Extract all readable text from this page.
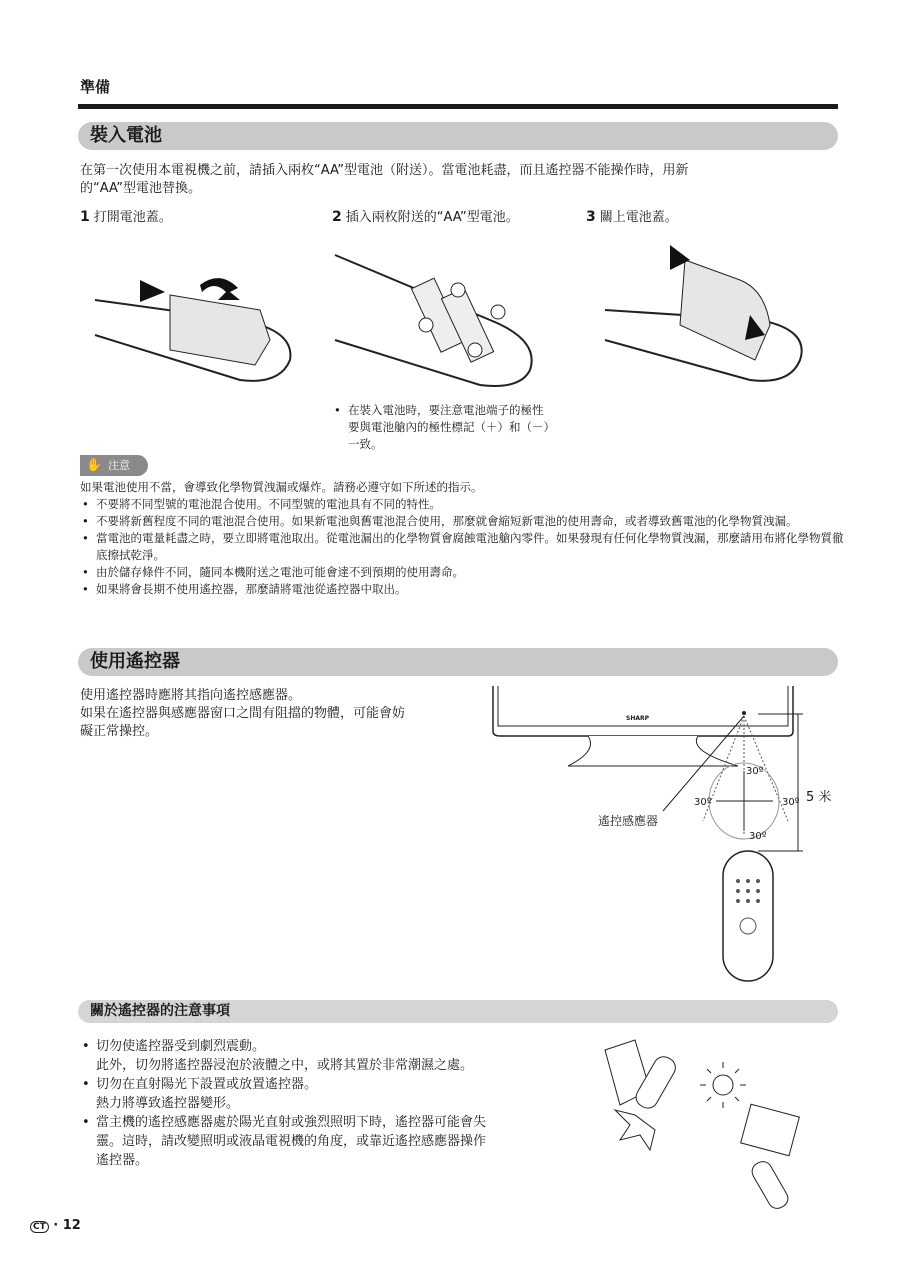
準備
裝入電池
在第一次使用本電視機之前，請插入兩枚“AA”型電池（附送）。當電池耗盡，而且遙控器不能操作時，用新
的“AA”型電池替換。
1 打開電池蓋。	2 插入兩枚附送的“AA”型電池。	3 關上電池蓋。
• 在裝入電池時，要注意電池端子的極性
要與電池艙內的極性標記（＋）和（－）
一致。
✋ 注意
如果電池使用不當，會導致化學物質洩漏或爆炸。請務必遵守如下所述的指示。
• 不要將不同型號的電池混合使用。不同型號的電池具有不同的特性。
• 不要將新舊程度不同的電池混合使用。如果新電池與舊電池混合使用，那麼就會縮短新電池的使用壽命，或者導致舊電池的化學物質洩漏。
• 當電池的電量耗盡之時，要立即將電池取出。從電池漏出的化學物質會腐蝕電池艙內零件。如果發現有任何化學物質洩漏，那麼請用布將化學物質徹底擦拭乾淨。
• 由於儲存條件不同，隨同本機附送之電池可能會達不到預期的使用壽命。
• 如果將會長期不使用遙控器，那麼請將電池從遙控器中取出。
使用遙控器
使用遙控器時應將其指向遙控感應器。
如果在遙控器與感應器窗口之間有阻擋的物體，可能會妨
礙正常操控。
SHARP
30º
30º	30º
30º
5 米
遙控感應器
關於遙控器的注意事項
• 切勿使遙控器受到劇烈震動。
此外，切勿將遙控器浸泡於液體之中，或將其置於非常潮濕之處。
• 切勿在直射陽光下設置或放置遙控器。
熱力將導致遙控器變形。
• 當主機的遙控感應器處於陽光直射或強烈照明下時，遙控器可能會失
靈。這時，請改變照明或液晶電視機的角度，或靠近遙控感應器操作
遙控器。
CT · 12
